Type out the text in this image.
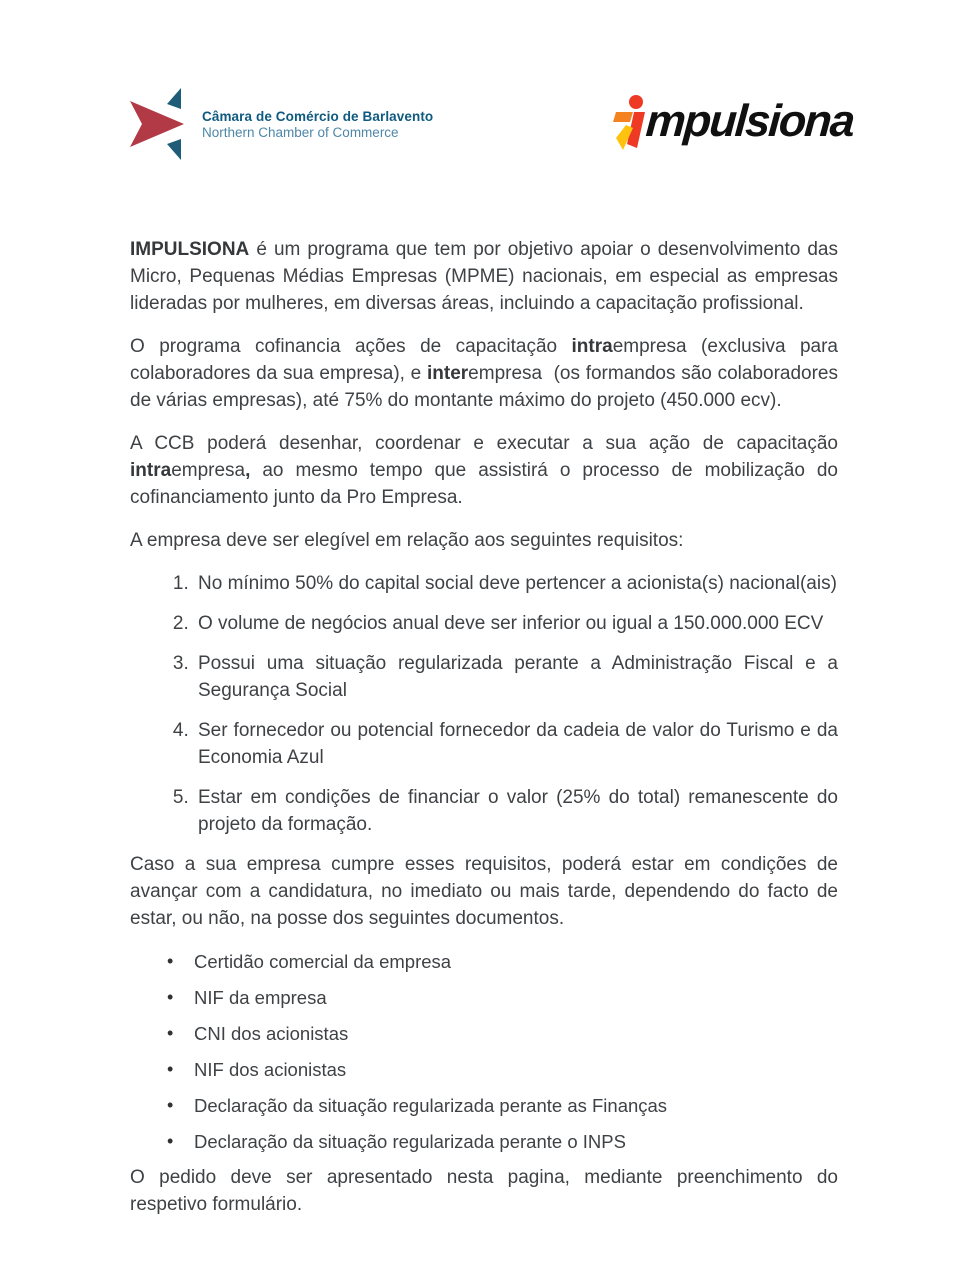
Câmara de Comércio de Barlavento
Northern Chamber of Commerce	mpulsiona

IMPULSIONA é um programa que tem por objetivo apoiar o desenvolvimento das Micro, Pequenas Médias Empresas (MPME) nacionais, em especial as empresas lideradas por mulheres, em diversas áreas, incluindo a capacitação profissional.

O programa cofinancia ações de capacitação intraempresa (exclusiva para colaboradores da sua empresa), e interempresa  (os formandos são colaboradores de várias empresas), até 75% do montante máximo do projeto (450.000 ecv).

A CCB poderá desenhar, coordenar e executar a sua ação de capacitação intraempresa, ao mesmo tempo que assistirá o processo de mobilização do cofinanciamento junto da Pro Empresa.

A empresa deve ser elegível em relação aos seguintes requisitos:

1. No mínimo 50% do capital social deve pertencer a acionista(s) nacional(ais)
2. O volume de negócios anual deve ser inferior ou igual a 150.000.000 ECV
3. Possui uma situação regularizada perante a Administração Fiscal e a Segurança Social
4. Ser fornecedor ou potencial fornecedor da cadeia de valor do Turismo e da Economia Azul
5. Estar em condições de financiar o valor (25% do total) remanescente do projeto da formação.

Caso a sua empresa cumpre esses requisitos, poderá estar em condições de avançar com a candidatura, no imediato ou mais tarde, dependendo do facto de estar, ou não, na posse dos seguintes documentos.

• Certidão comercial da empresa
• NIF da empresa
• CNI dos acionistas
• NIF dos acionistas
• Declaração da situação regularizada perante as Finanças
• Declaração da situação regularizada perante o INPS

O pedido deve ser apresentado nesta pagina, mediante preenchimento do respetivo formulário.
